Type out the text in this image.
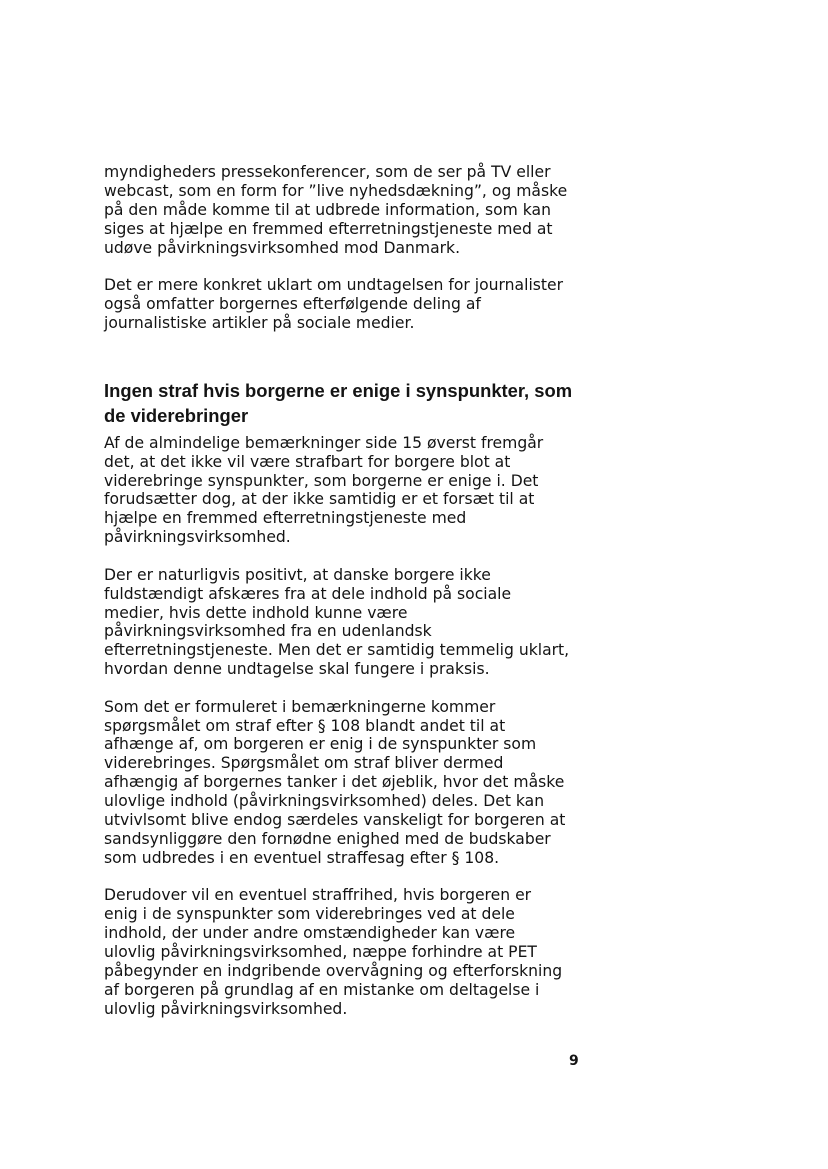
myndigheders pressekonferencer, som de ser på TV eller
webcast, som en form for ”live nyhedsdækning”, og måske
på den måde komme til at udbrede information, som kan
siges at hjælpe en fremmed efterretningstjeneste med at
udøve påvirkningsvirksomhed mod Danmark.

Det er mere konkret uklart om undtagelsen for journalister
også omfatter borgernes efterfølgende deling af
journalistiske artikler på sociale medier.

Ingen straf hvis borgerne er enige i synspunkter, som
de viderebringer

Af de almindelige bemærkninger side 15 øverst fremgår
det, at det ikke vil være strafbart for borgere blot at
viderebringe synspunkter, som borgerne er enige i. Det
forudsætter dog, at der ikke samtidig er et forsæt til at
hjælpe en fremmed efterretningstjeneste med
påvirkningsvirksomhed.

Der er naturligvis positivt, at danske borgere ikke
fuldstændigt afskæres fra at dele indhold på sociale
medier, hvis dette indhold kunne være
påvirkningsvirksomhed fra en udenlandsk
efterretningstjeneste. Men det er samtidig temmelig uklart,
hvordan denne undtagelse skal fungere i praksis.

Som det er formuleret i bemærkningerne kommer
spørgsmålet om straf efter § 108 blandt andet til at
afhænge af, om borgeren er enig i de synspunkter som
viderebringes. Spørgsmålet om straf bliver dermed
afhængig af borgernes tanker i det øjeblik, hvor det måske
ulovlige indhold (påvirkningsvirksomhed) deles. Det kan
utvivlsomt blive endog særdeles vanskeligt for borgeren at
sandsynliggøre den fornødne enighed med de budskaber
som udbredes i en eventuel straffesag efter § 108.

Derudover vil en eventuel straffrihed, hvis borgeren er
enig i de synspunkter som viderebringes ved at dele
indhold, der under andre omstændigheder kan være
ulovlig påvirkningsvirksomhed, næppe forhindre at PET
påbegynder en indgribende overvågning og efterforskning
af borgeren på grundlag af en mistanke om deltagelse i
ulovlig påvirkningsvirksomhed.

9
